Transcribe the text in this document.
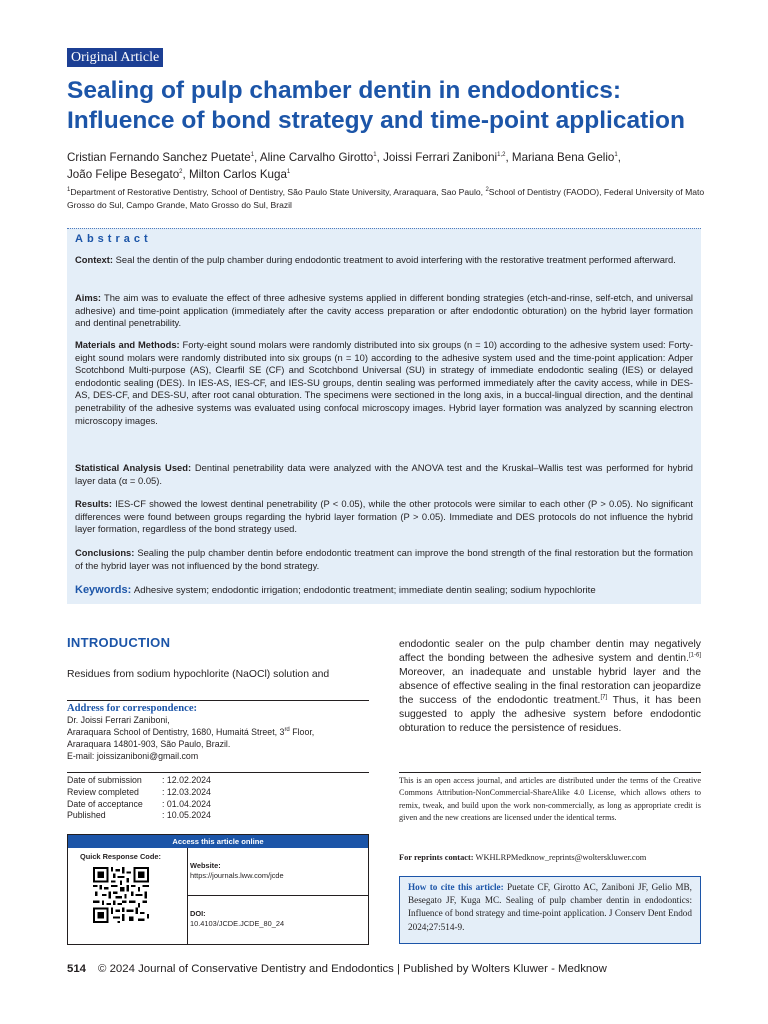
Original Article
Sealing of pulp chamber dentin in endodontics:
Influence of bond strategy and time-point application
Cristian Fernando Sanchez Puetate$^1$, Aline Carvalho Girotto$^1$, Joissi Ferrari Zaniboni$^{1,2}$, Mariana Bena Gelio$^1$,
João Felipe Besegato$^2$, Milton Carlos Kuga$^1$
$^1$Department of Restorative Dentistry, School of Dentistry, São Paulo State University, Araraquara, Sao Paulo, $^2$School of Dentistry (FAODO), Federal University of Mato Grosso do Sul, Campo Grande, Mato Grosso do Sul, Brazil
Abstract
Context: Seal the dentin of the pulp chamber during endodontic treatment to avoid interfering with the restorative treatment performed afterward.
Aims: The aim was to evaluate the effect of three adhesive systems applied in different bonding strategies (etch-and-rinse, self-etch, and universal adhesive) and time-point application (immediately after the cavity access preparation or after endodontic obturation) on the hybrid layer formation and dentinal penetrability.
Materials and Methods: Forty-eight sound molars were randomly distributed into six groups (n = 10) according to the adhesive system used: Forty-eight sound molars were randomly distributed into six groups (n = 10) according to the adhesive system used and the time-point application: Adper Scotchbond Multi-purpose (AS), Clearfil SE (CF) and Scotchbond Universal (SU) in strategy of immediate endodontic sealing (IES) or delayed endodontic sealing (DES). In IES-AS, IES-CF, and IES-SU groups, dentin sealing was performed immediately after the cavity access, while in DES-AS, DES-CF, and DES-SU, after root canal obturation. The specimens were sectioned in the long axis, in a buccal-lingual direction, and the dentinal penetrability of the adhesive systems was evaluated using confocal microscopy images. Hybrid layer formation was analyzed by scanning electron microscopy images.
Statistical Analysis Used: Dentinal penetrability data were analyzed with the ANOVA test and the Kruskal–Wallis test was performed for hybrid layer data (α = 0.05).
Results: IES-CF showed the lowest dentinal penetrability (P < 0.05), while the other protocols were similar to each other (P > 0.05). No significant differences were found between groups regarding the hybrid layer formation (P > 0.05). Immediate and DES protocols do not influence the hybrid layer formation, regardless of the bond strategy used.
Conclusions: Sealing the pulp chamber dentin before endodontic treatment can improve the bond strength of the final restoration but the formation of the hybrid layer was not influenced by the bond strategy.
Keywords: Adhesive system; endodontic irrigation; endodontic treatment; immediate dentin sealing; sodium hypochlorite
INTRODUCTION
Residues from sodium hypochlorite (NaOCl) solution and
endodontic sealer on the pulp chamber dentin may negatively affect the bonding between the adhesive system and dentin.[1-6] Moreover, an inadequate and unstable hybrid layer and the absence of effective sealing in the final restoration can jeopardize the success of the endodontic treatment.[7] Thus, it has been suggested to apply the adhesive system before endodontic obturation to reduce the persistence of residues.
Address for correspondence:
Dr. Joissi Ferrari Zaniboni,
Araraquara School of Dentistry, 1680, Humaitá Street, 3rd Floor,
Araraquara 14801-903, São Paulo, Brazil.
E-mail: joissizaniboni@gmail.com
Date of submission	: 12.02.2024
Review completed	: 12.03.2024
Date of acceptance	: 01.04.2024
Published	: 10.05.2024
Access this article online
Quick Response Code:
Website:
https://journals.lww.com/jcde
DOI:
10.4103/JCDE.JCDE_80_24
This is an open access journal, and articles are distributed under the terms of the Creative Commons Attribution-NonCommercial-ShareAlike 4.0 License, which allows others to remix, tweak, and build upon the work non-commercially, as long as appropriate credit is given and the new creations are licensed under the identical terms.
For reprints contact: WKHLRPMedknow_reprints@wolterskluwer.com
How to cite this article: Puetate CF, Girotto AC, Zaniboni JF, Gelio MB, Besegato JF, Kuga MC. Sealing of pulp chamber dentin in endodontics: Influence of bond strategy and time-point application. J Conserv Dent Endod 2024;27:514-9.
514 © 2024 Journal of Conservative Dentistry and Endodontics | Published by Wolters Kluwer - Medknow
